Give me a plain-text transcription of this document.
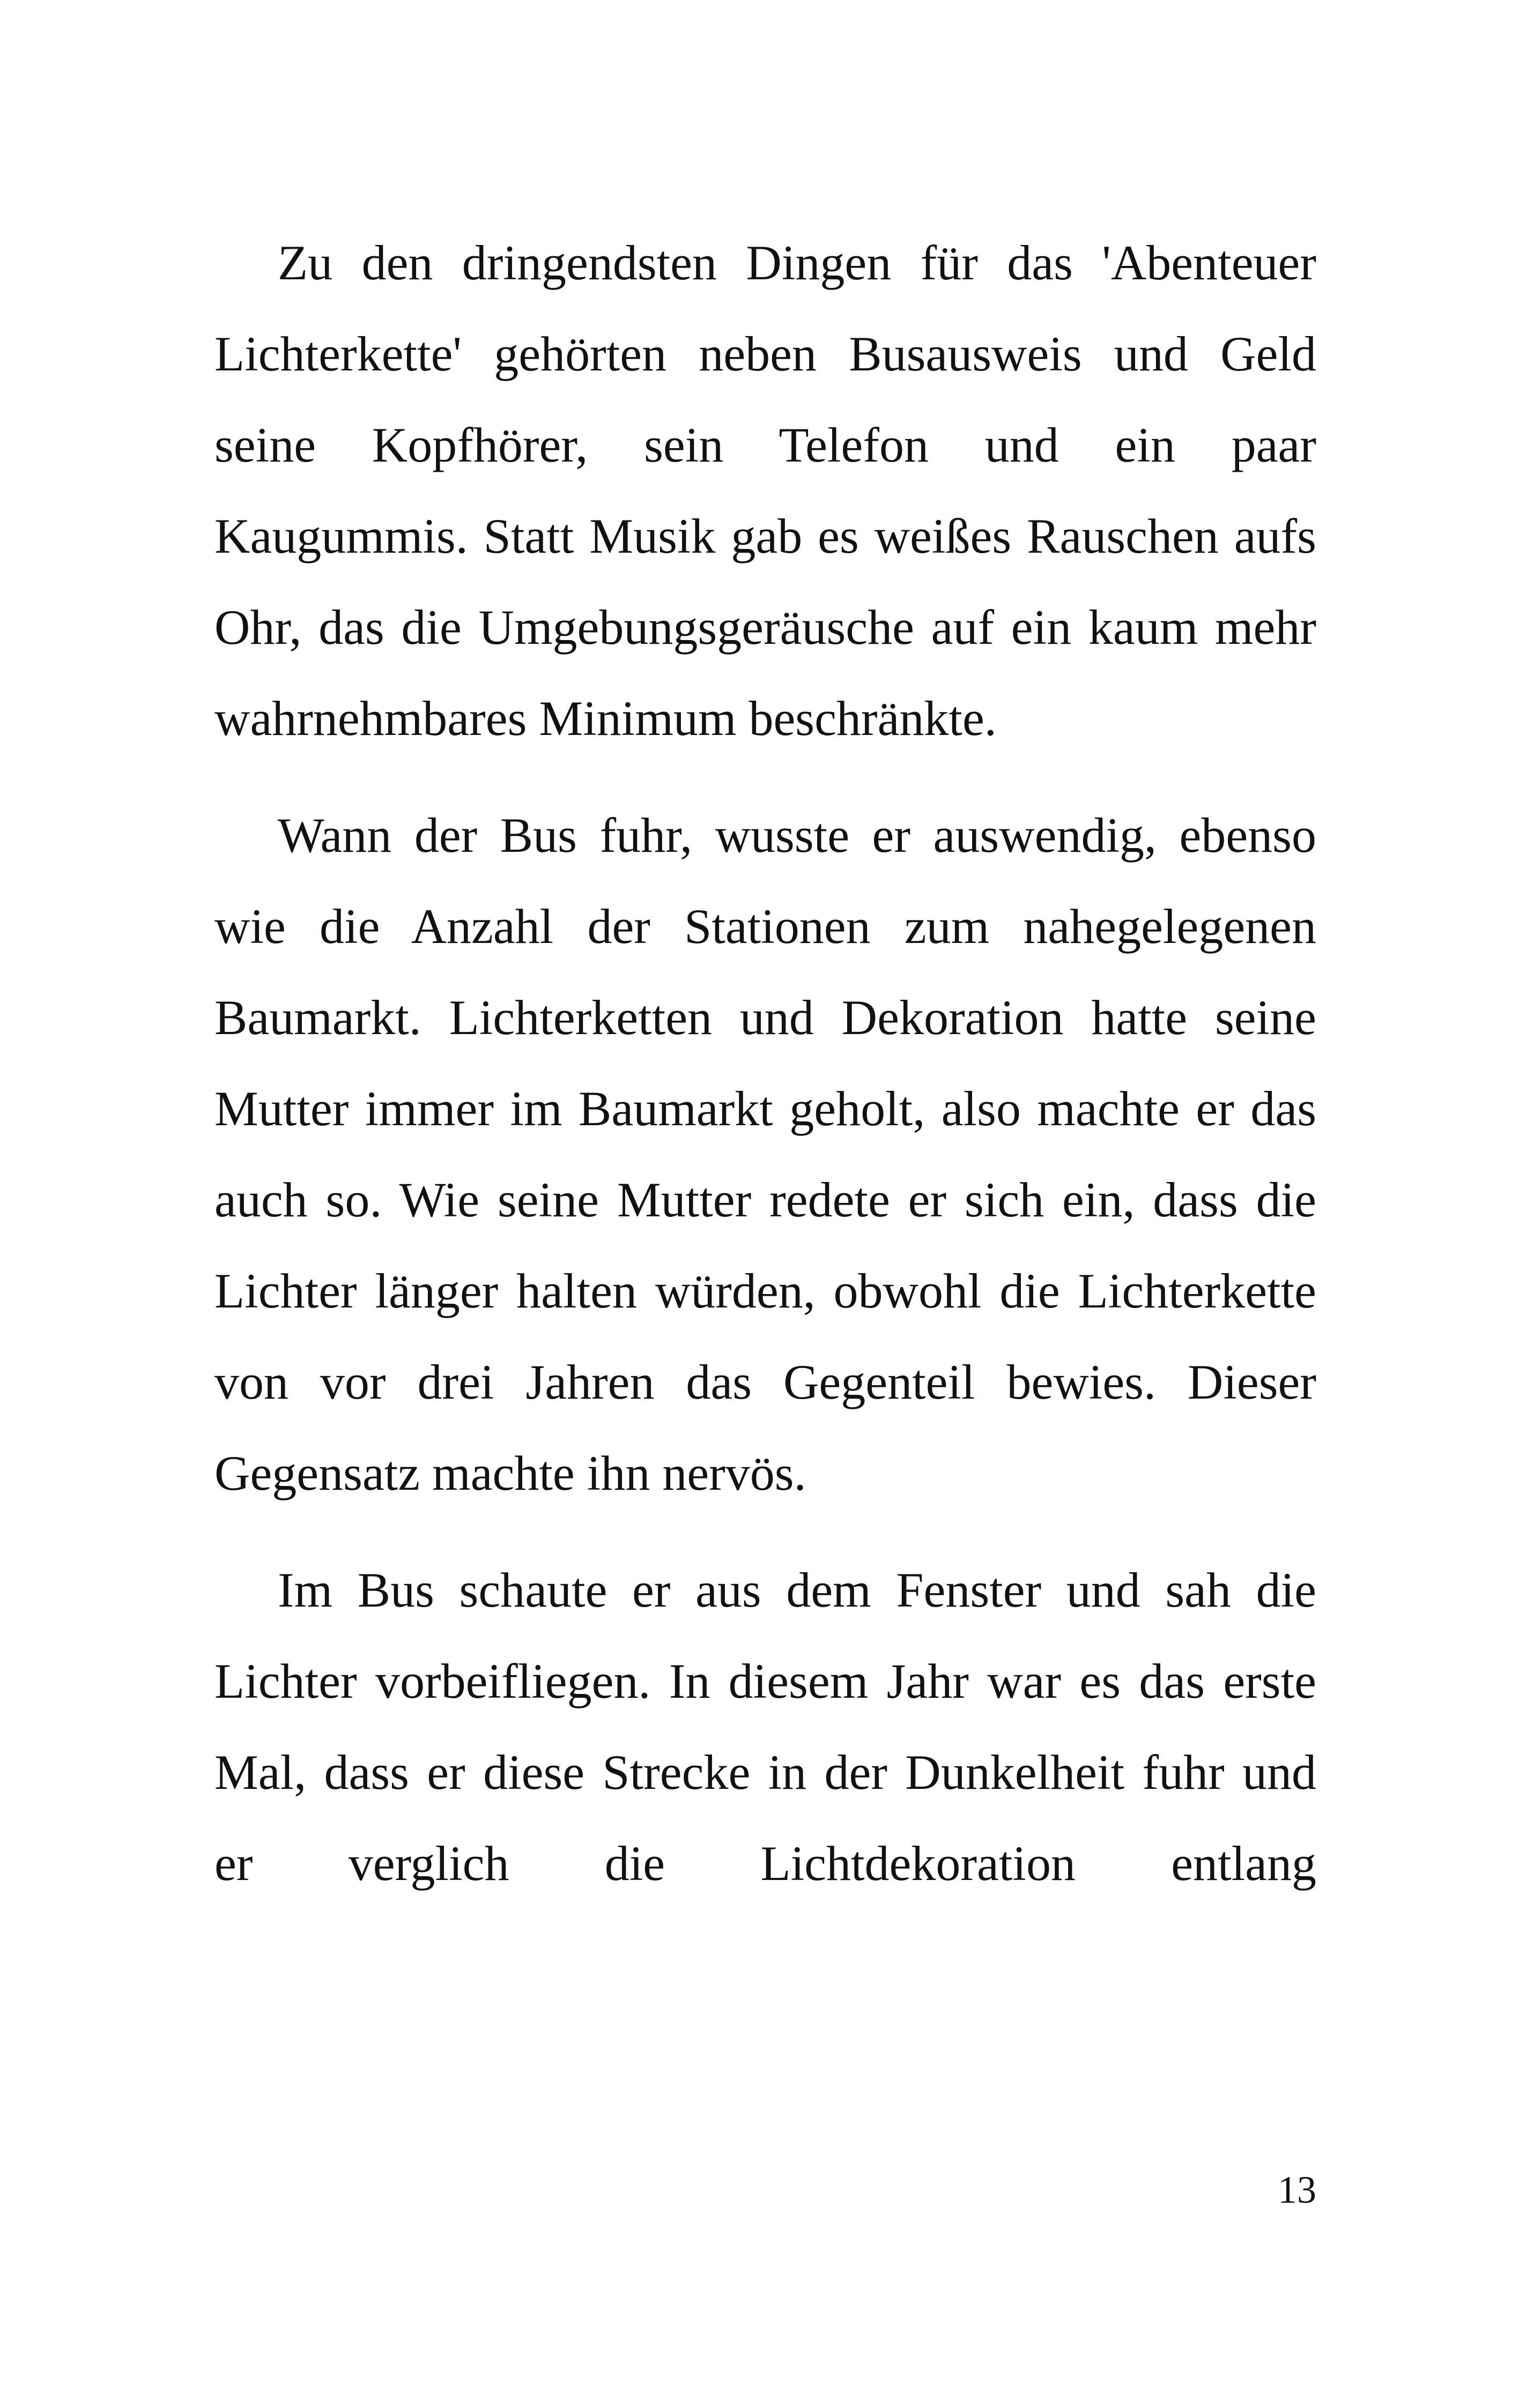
Zu den dringendsten Dingen für das 'Abenteuer Lichterkette' gehörten neben Busausweis und Geld seine Kopfhörer, sein Telefon und ein paar Kaugummis. Statt Musik gab es weißes Rauschen aufs Ohr, das die Umgebungsgeräusche auf ein kaum mehr wahrnehmbares Minimum beschränkte.

Wann der Bus fuhr, wusste er auswendig, ebenso wie die Anzahl der Stationen zum nahegelegenen Baumarkt. Lichterketten und Dekoration hatte seine Mutter immer im Baumarkt geholt, also machte er das auch so. Wie seine Mutter redete er sich ein, dass die Lichter länger halten würden, obwohl die Lichterkette von vor drei Jahren das Gegenteil bewies. Dieser Gegensatz machte ihn nervös.

Im Bus schaute er aus dem Fenster und sah die Lichter vorbeifliegen. In diesem Jahr war es das erste Mal, dass er diese Strecke in der Dunkelheit fuhr und er verglich die Lichtdekoration entlang

13
